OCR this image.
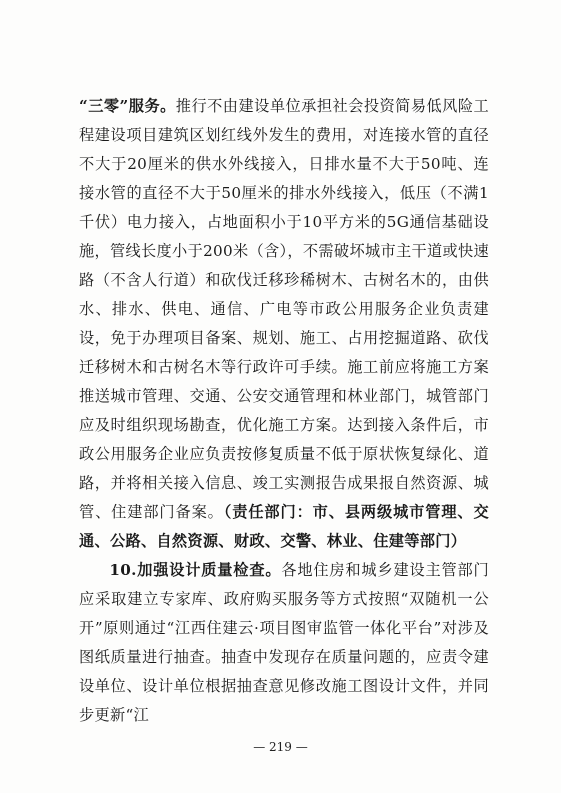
“三零”服务。推行不由建设单位承担社会投资简易低风险工程建设项目建筑区划红线外发生的费用，对连接水管的直径不大于20厘米的供水外线接入，日排水量不大于50吨、连接水管的直径不大于50厘米的排水外线接入，低压（不满1千伏）电力接入，占地面积小于10平方米的5G通信基础设施，管线长度小于200米（含），不需破坏城市主干道或快速路（不含人行道）和砍伐迁移珍稀树木、古树名木的，由供水、排水、供电、通信、广电等市政公用服务企业负责建设，免于办理项目备案、规划、施工、占用挖掘道路、砍伐迁移树木和古树名木等行政许可手续。施工前应将施工方案推送城市管理、交通、公安交通管理和林业部门，城管部门应及时组织现场勘查，优化施工方案。达到接入条件后，市政公用服务企业应负责按修复质量不低于原状恢复绿化、道路，并将相关接入信息、竣工实测报告成果报自然资源、城管、住建部门备案。（责任部门：市、县两级城市管理、交通、公路、自然资源、财政、交警、林业、住建等部门）

10.加强设计质量检查。各地住房和城乡建设主管部门应采取建立专家库、政府购买服务等方式按照“双随机一公开”原则通过“江西住建云·项目图审监管一体化平台”对涉及图纸质量进行抽查。抽查中发现存在质量问题的，应责令建设单位、设计单位根据抽查意见修改施工图设计文件，并同步更新“江

— 219 —
